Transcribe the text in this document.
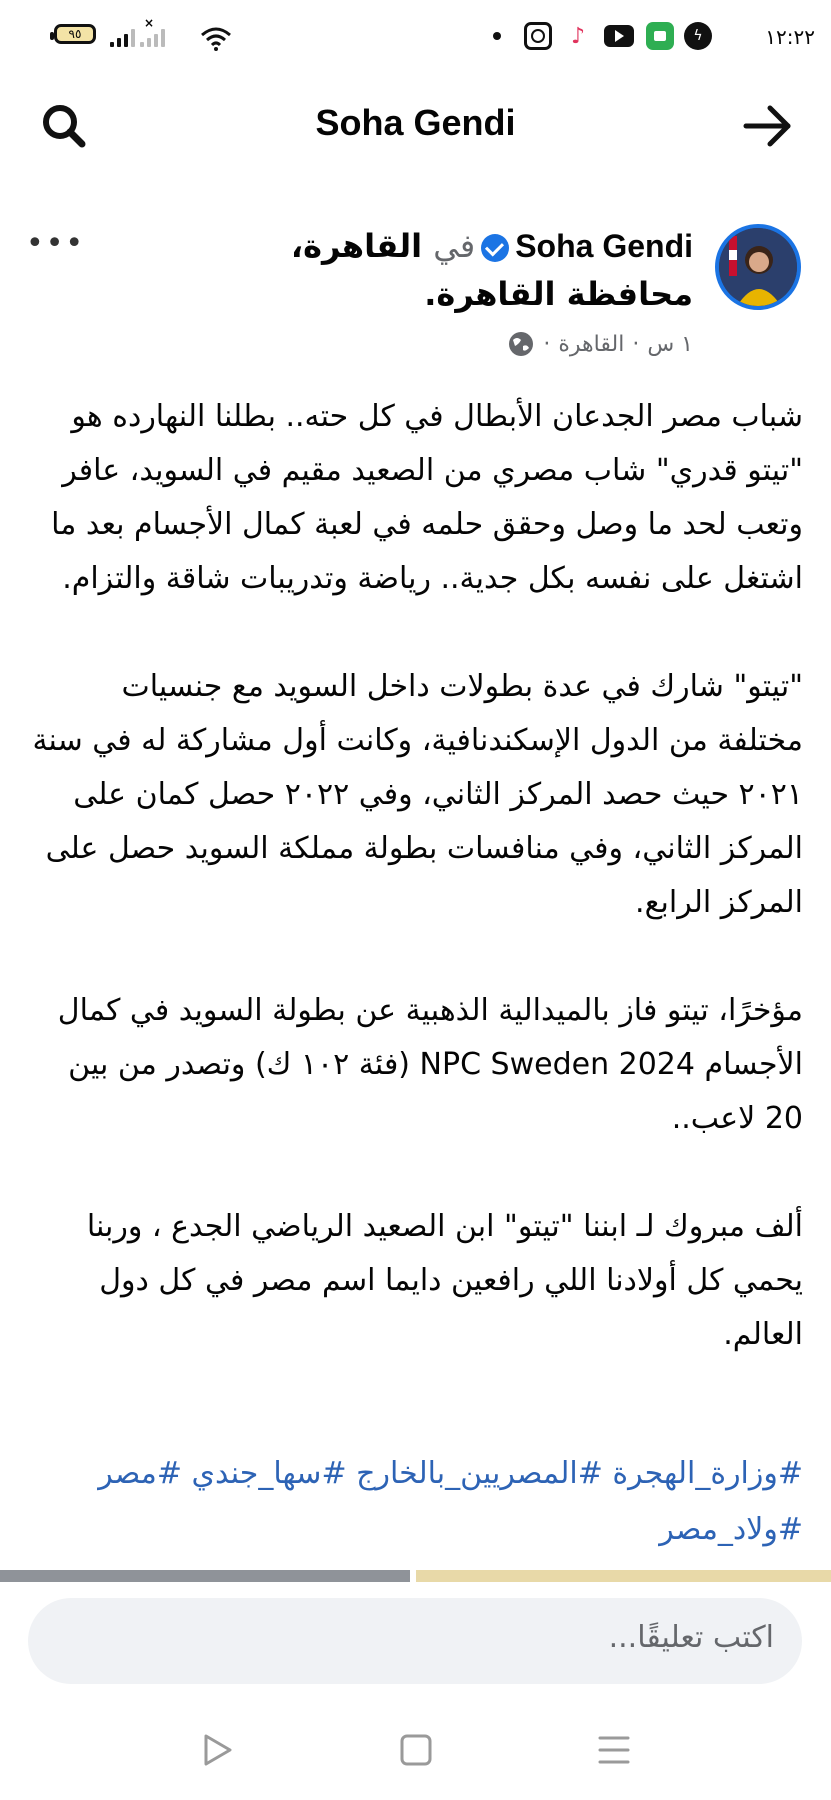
٩٥
×
♪	ϟ	١٢:٢٢
Soha Gendi
Soha Gendiفي القاهرة، محافظة القاهرة.
١ س
·
القاهرة
·
•••

شباب مصر الجدعان الأبطال في كل حته.. بطلنا النهارده هو "تيتو قدري" شاب مصري من الصعيد مقيم في السويد، عافر وتعب لحد ما وصل وحقق حلمه في لعبة كمال الأجسام بعد ما اشتغل على نفسه بكل جدية.. رياضة وتدريبات شاقة والتزام.

"تيتو" شارك في عدة بطولات داخل السويد مع جنسيات مختلفة من الدول الإسكندنافية، وكانت أول مشاركة له في سنة ٢٠٢١ حيث حصد المركز الثاني، وفي ٢٠٢٢ حصل كمان على المركز الثاني، وفي منافسات بطولة مملكة السويد حصل على المركز الرابع.

مؤخرًا، تيتو فاز بالميدالية الذهبية عن بطولة السويد في كمال الأجسام NPC Sweden 2024 (فئة ١٠٢ ك) وتصدر من بين 20 لاعب..

ألف مبروك لـ ابننا "تيتو" ابن الصعيد الرياضي الجدع ، وربنا يحمي كل أولادنا اللي رافعين دايما اسم مصر في كل دول العالم.

#وزارة_الهجرة #المصريين_بالخارج #سها_جندي #مصر #ولاد_مصر
اكتب تعليقًا...
